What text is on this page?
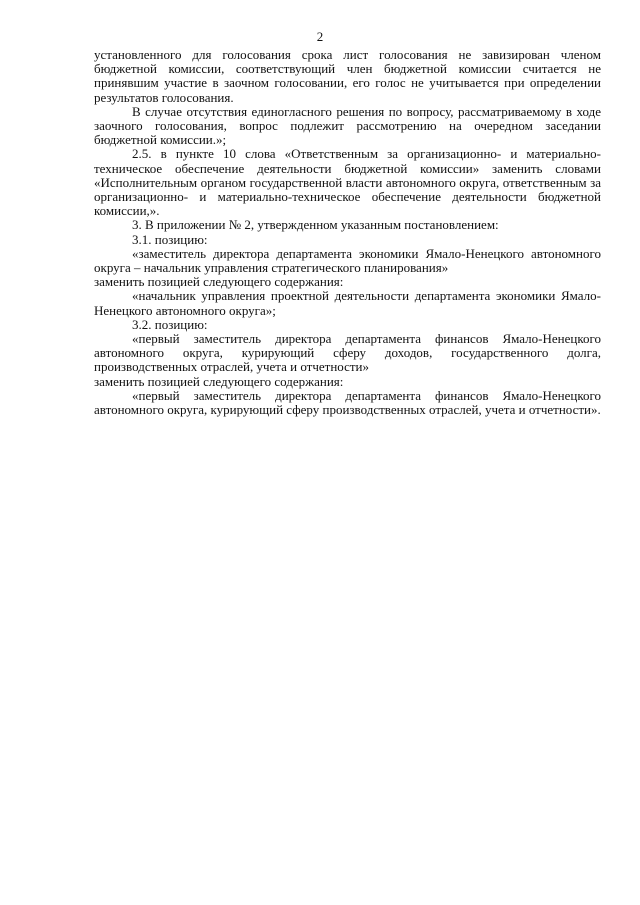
2

установленного для голосования срока лист голосования не завизирован членом бюджетной комиссии, соответствующий член бюджетной комиссии считается не принявшим участие в заочном голосовании, его голос не учитывается при определении результатов голосования.

В случае отсутствия единогласного решения по вопросу, рассматриваемому в ходе заочного голосования, вопрос подлежит рассмотрению на очередном заседании бюджетной комиссии.»;

2.5. в пункте 10 слова «Ответственным за организационно- и материально-техническое обеспечение деятельности бюджетной комиссии» заменить словами «Исполнительным органом государственной власти автономного округа, ответственным за организационно- и материально-техническое обеспечение деятельности бюджетной комиссии,».

3. В приложении № 2, утвержденном указанным постановлением:

3.1. позицию:

«заместитель директора департамента экономики Ямало-Ненецкого автономного округа – начальник управления стратегического планирования»

заменить позицией следующего содержания:

«начальник управления проектной деятельности департамента экономики Ямало-Ненецкого автономного округа»;

3.2. позицию:

«первый заместитель директора департамента финансов Ямало-Ненецкого автономного округа, курирующий сферу доходов, государственного долга, производственных отраслей, учета и отчетности»

заменить позицией следующего содержания:

«первый заместитель директора департамента финансов Ямало-Ненецкого автономного округа, курирующий сферу производственных отраслей, учета и отчетности».
